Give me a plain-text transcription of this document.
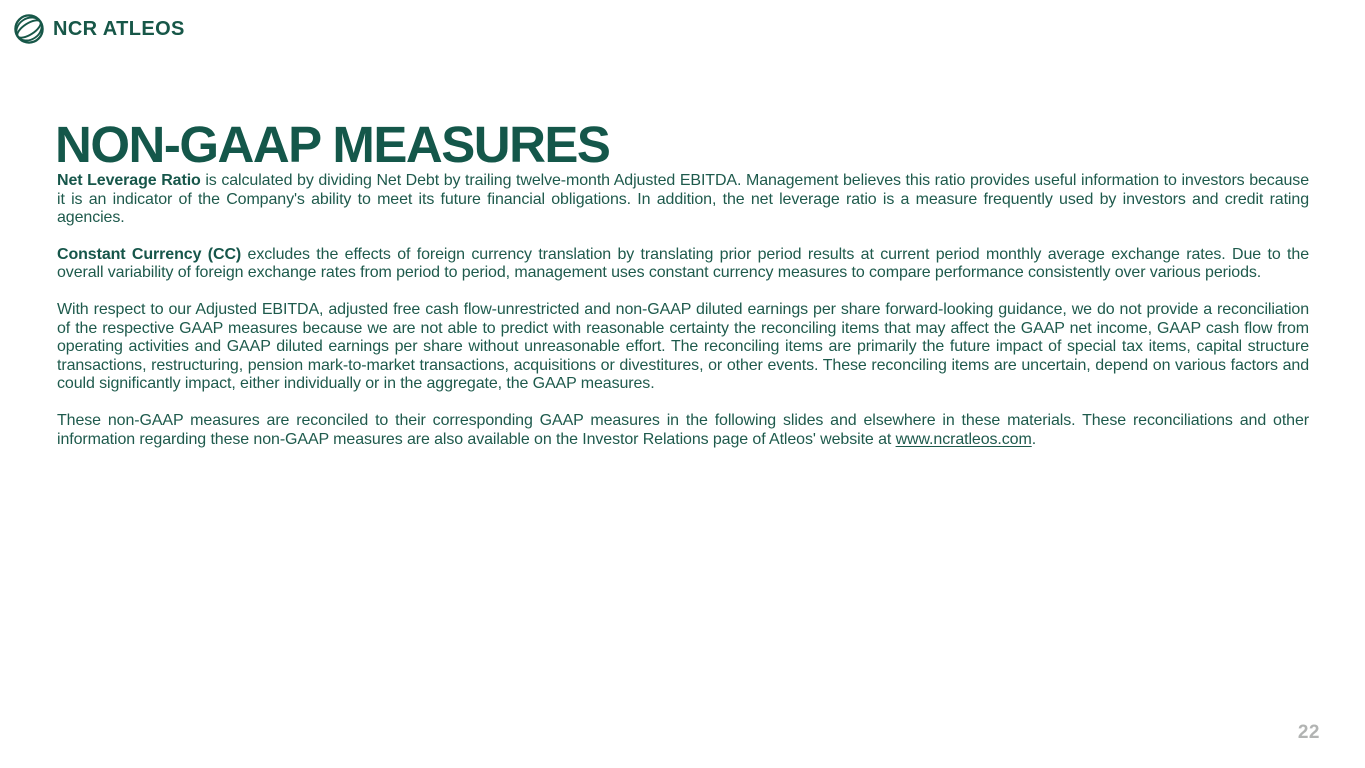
NCR ATLEOS
NON-GAAP MEASURES

Net Leverage Ratio is calculated by dividing Net Debt by trailing twelve-month Adjusted EBITDA. Management believes this ratio provides useful information to investors because it is an indicator of the Company's ability to meet its future financial obligations. In addition, the net leverage ratio is a measure frequently used by investors and credit rating agencies.

Constant Currency (CC) excludes the effects of foreign currency translation by translating prior period results at current period monthly average exchange rates. Due to the overall variability of foreign exchange rates from period to period, management uses constant currency measures to compare performance consistently over various periods.

With respect to our Adjusted EBITDA, adjusted free cash flow-unrestricted and non-GAAP diluted earnings per share forward-looking guidance, we do not provide a reconciliation of the respective GAAP measures because we are not able to predict with reasonable certainty the reconciling items that may affect the GAAP net income, GAAP cash flow from operating activities and GAAP diluted earnings per share without unreasonable effort. The reconciling items are primarily the future impact of special tax items, capital structure transactions, restructuring, pension mark-to-market transactions, acquisitions or divestitures, or other events. These reconciling items are uncertain, depend on various factors and could significantly impact, either individually or in the aggregate, the GAAP measures.

These non-GAAP measures are reconciled to their corresponding GAAP measures in the following slides and elsewhere in these materials. These reconciliations and other information regarding these non-GAAP measures are also available on the Investor Relations page of Atleos' website at www.ncratleos.com.

22
